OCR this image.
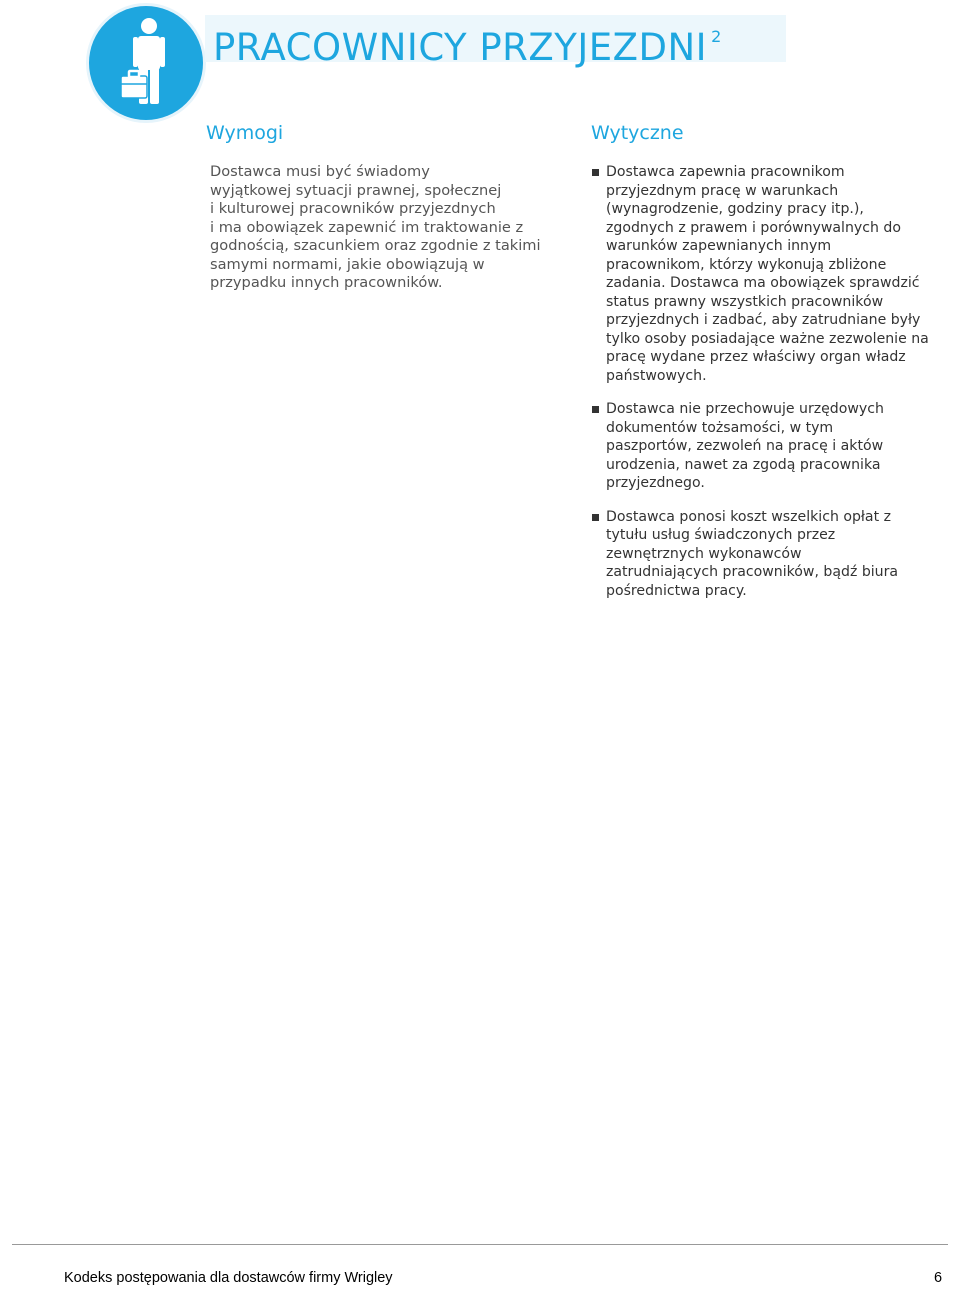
PRACOWNICY PRZYJEZDNI $^2$
Wymogi	Wytyczne
Dostawca musi być świadomy
wyjątkowej sytuacji prawnej, społecznej
i kulturowej pracowników przyjezdnych
i ma obowiązek zapewnić im traktowanie z
godnością, szacunkiem oraz zgodnie z takimi
samymi normami, jakie obowiązują w
przypadku innych pracowników.
Dostawca zapewnia pracownikom
przyjezdnym pracę w warunkach
(wynagrodzenie, godziny pracy itp.),
zgodnych z prawem i porównywalnych do
warunków zapewnianych innym
pracownikom, którzy wykonują zbliżone
zadania. Dostawca ma obowiązek sprawdzić
status prawny wszystkich pracowników
przyjezdnych i zadbać, aby zatrudniane były
tylko osoby posiadające ważne zezwolenie na
pracę wydane przez właściwy organ władz
państwowych.
Dostawca nie przechowuje urzędowych
dokumentów tożsamości, w tym
paszportów, zezwoleń na pracę i aktów
urodzenia, nawet za zgodą pracownika
przyjezdnego.
Dostawca ponosi koszt wszelkich opłat z
tytułu usług świadczonych przez
zewnętrznych wykonawców
zatrudniających pracowników, bądź biura
pośrednictwa pracy.
Kodeks postępowania dla dostawców firmy Wrigley	6
